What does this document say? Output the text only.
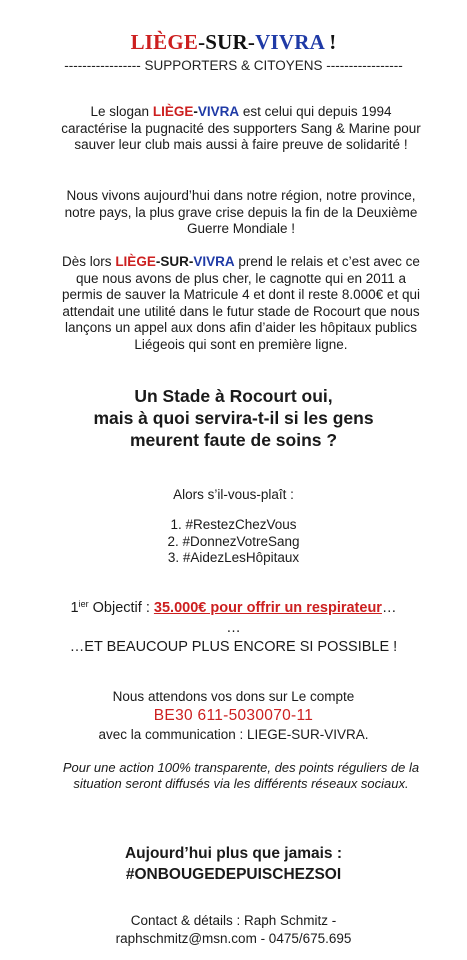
LIÈGE-SUR-VIVRA !
----------------- SUPPORTERS & CITOYENS -----------------
Le slogan LIÈGE-VIVRA est celui qui depuis 1994 caractérise la pugnacité des supporters Sang & Marine pour sauver leur club mais aussi à faire preuve de solidarité !
Nous vivons aujourd’hui dans notre région, notre province, notre pays, la plus grave crise depuis la fin de la Deuxième Guerre Mondiale !
Dès lors LIÈGE-SUR-VIVRA prend le relais et c’est avec ce que nous avons de plus cher, le cagnotte qui en 2011 a permis de sauver la Matricule 4 et dont il reste 8.000€ et qui attendait une utilité dans le futur stade de Rocourt que nous lançons un appel aux dons afin d’aider les hôpitaux publics Liégeois qui sont en première ligne.
Un Stade à Rocourt oui,
mais à quoi servira-t-il si les gens
meurent faute de soins ?
Alors s’il-vous-plaît :
1. #RestezChezVous
2. #DonnezVotreSang
3. #AidezLesHôpitaux
$1^{ier}$ Objectif : 35.000€ pour offrir un respirateur…
…
…ET BEAUCOUP PLUS ENCORE SI POSSIBLE !
Nous attendons vos dons sur Le compte
BE30 611-5030070-11
avec la communication : LIEGE-SUR-VIVRA.
Pour une action 100% transparente, des points réguliers de la situation seront diffusés via les différents réseaux sociaux.
Aujourd’hui plus que jamais :
#ONBOUGEDEPUISCHEZSOI
Contact & détails : Raph Schmitz -
raphschmitz@msn.com - 0475/675.695
